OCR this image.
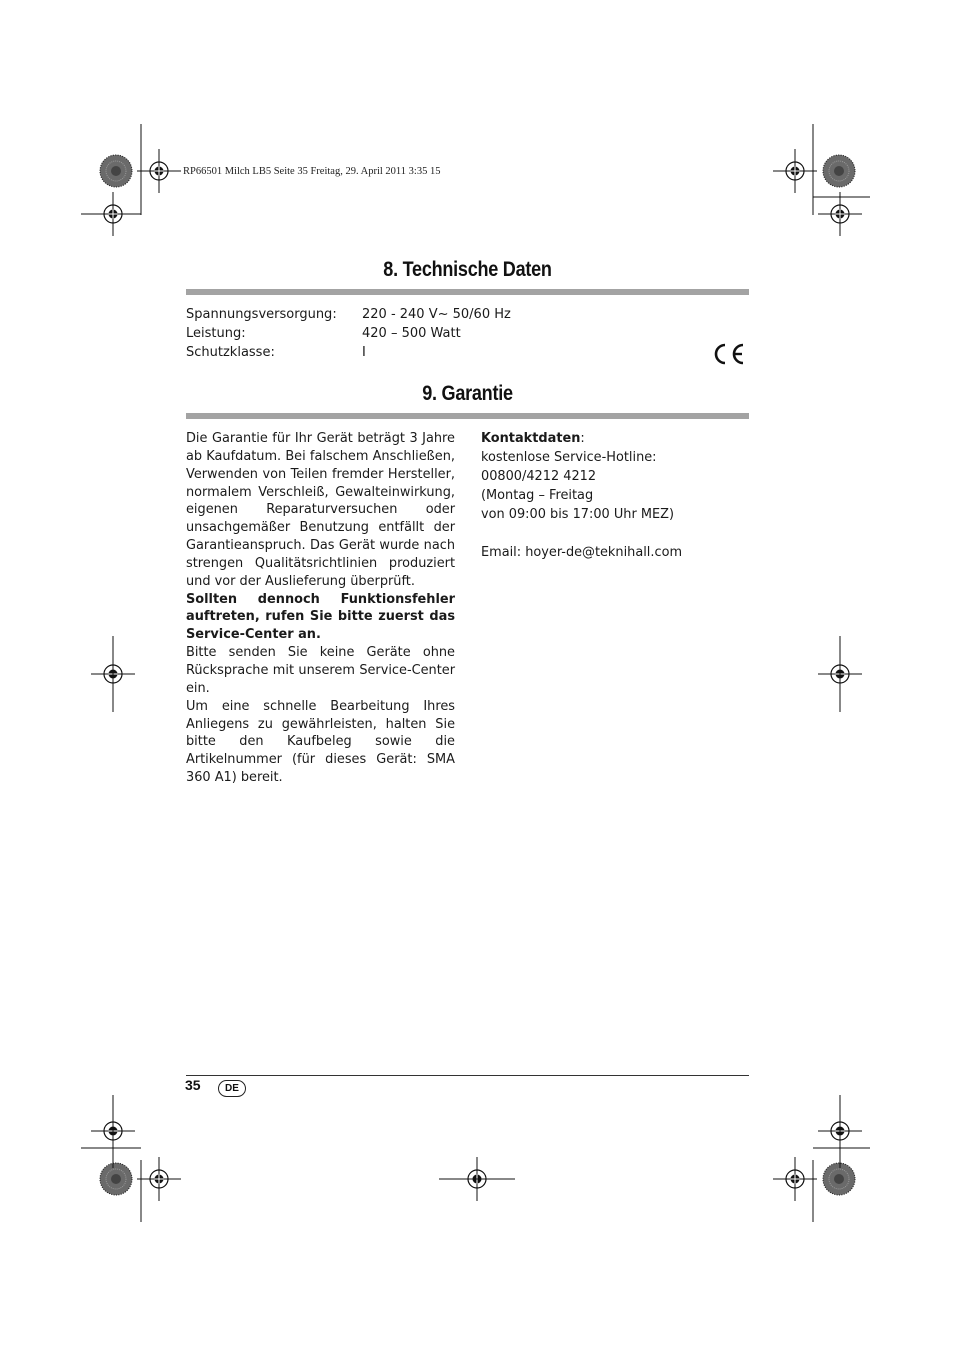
RP66501 Milch LB5 Seite 35 Freitag, 29. April 2011 3:35 15
8. Technische Daten
Spannungsversorgung: 220 - 240 V~ 50/60 Hz
Leistung:	420 – 500 Watt
Schutzklasse:	I
9. Garantie

Die Garantie für Ihr Gerät beträgt 3 Jahre ab Kaufdatum. Bei falschem Anschließen, Verwenden von Teilen fremder Hersteller, normalem Verschleiß, Gewalteinwirkung, eigenen Reparaturversuchen oder unsachgemäßer Benutzung entfällt der Garantieanspruch. Das Gerät wurde nach strengen Qualitätsrichtlinien produziert und vor der Auslieferung überprüft.

Sollten dennoch Funktionsfehler auftreten, rufen Sie bitte zuerst das Service-Center an.

Bitte senden Sie keine Geräte ohne Rücksprache mit unserem Service-Center ein.

Um eine schnelle Bearbeitung Ihres Anliegens zu gewährleisten, halten Sie bitte den Kaufbeleg sowie die Artikelnummer (für dieses Gerät: SMA 360 A1) bereit.

Kontaktdaten:
kostenlose Service-Hotline:
00800/4212 4212
(Montag – Freitag
von 09:00 bis 17:00 Uhr MEZ)
Email: hoyer-de@teknihall.com
35	DE
